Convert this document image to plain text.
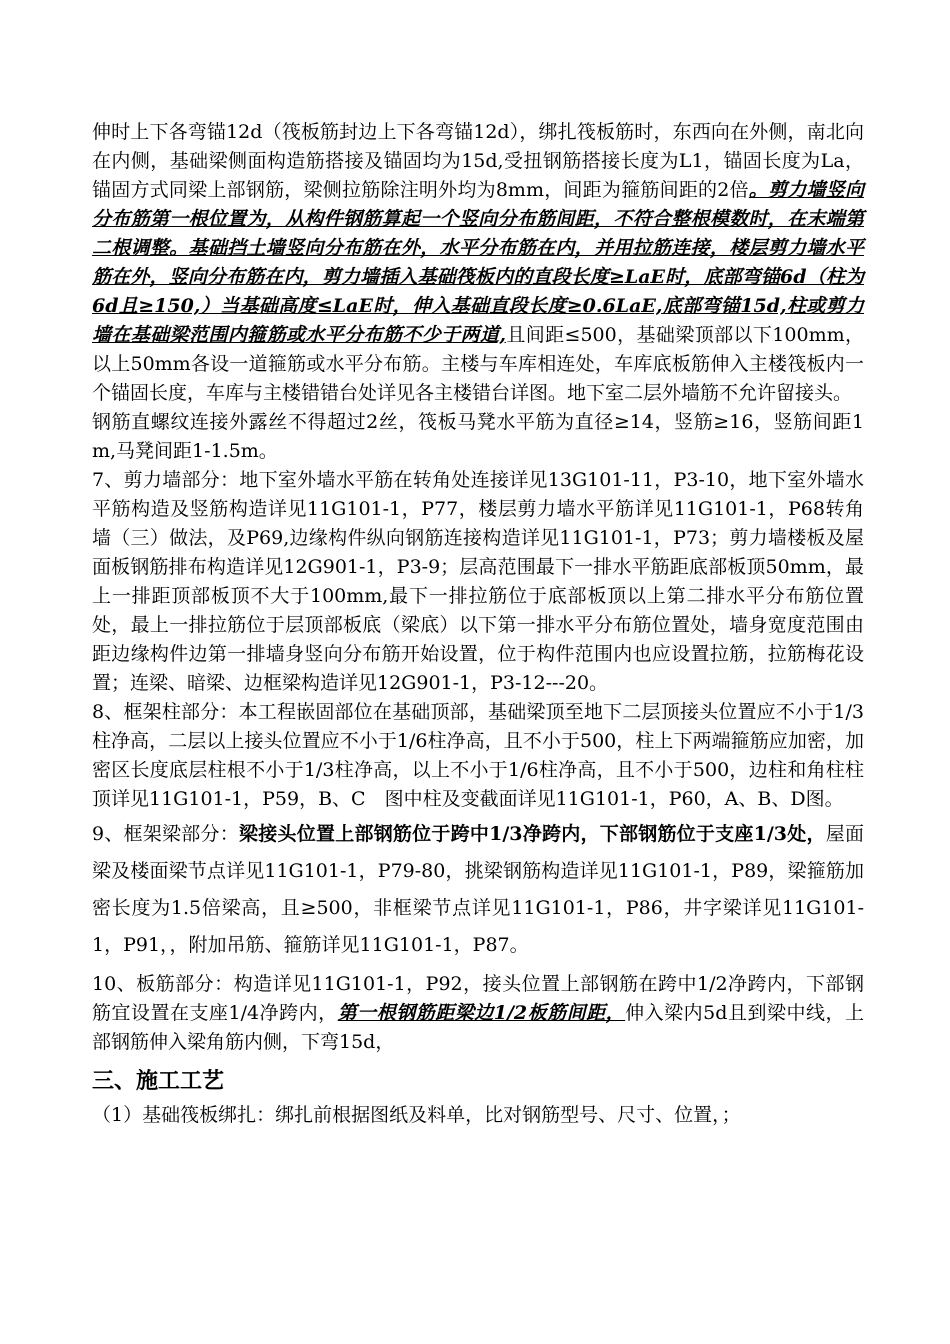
伸时上下各弯锚12d（筏板筋封边上下各弯锚12d），绑扎筏板筋时，东西向在外侧，南北向在内侧，基础梁侧面构造筋搭接及锚固均为15d,受扭钢筋搭接长度为L1，锚固长度为La，锚固方式同梁上部钢筋，梁侧拉筋除注明外均为8mm，间距为箍筋间距的2倍。剪力墙竖向分布筋第一根位置为，从构件钢筋算起一个竖向分布筋间距，不符合整根模数时，在末端第二根调整。基础挡土墙竖向分布筋在外，水平分布筋在内，并用拉筋连接，楼层剪力墙水平筋在外，竖向分布筋在内，剪力墙插入基础筏板内的直段长度≥LaE时，底部弯锚6d（柱为6d且≥150,）当基础高度≤LaE时，伸入基础直段长度≥0.6LaE,底部弯锚15d,柱或剪力墙在基础梁范围内箍筋或水平分布筋不少于两道,且间距≤500，基础梁顶部以下100mm，以上50mm各设一道箍筋或水平分布筋。主楼与车库相连处，车库底板筋伸入主楼筏板内一个锚固长度，车库与主楼错错台处详见各主楼错台详图。地下室二层外墙筋不允许留接头。

钢筋直螺纹连接外露丝不得超过2丝，筏板马凳水平筋为直径≥14，竖筋≥16，竖筋间距1m,马凳间距1-1.5m。

7、剪力墙部分：地下室外墙水平筋在转角处连接详见13G101-11，P3-10，地下室外墙水平筋构造及竖筋构造详见11G101-1，P77，楼层剪力墙水平筋详见11G101-1，P68转角墙（三）做法，及P69,边缘构件纵向钢筋连接构造详见11G101-1，P73；剪力墙楼板及屋面板钢筋排布构造详见12G901-1，P3-9；层高范围最下一排水平筋距底部板顶50mm，最上一排距顶部板顶不大于100mm,最下一排拉筋位于底部板顶以上第二排水平分布筋位置处，最上一排拉筋位于层顶部板底（梁底）以下第一排水平分布筋位置处，墙身宽度范围由距边缘构件边第一排墙身竖向分布筋开始设置，位于构件范围内也应设置拉筋，拉筋梅花设置；连梁、暗梁、边框梁构造详见12G901-1，P3-12---20。

8、框架柱部分：本工程嵌固部位在基础顶部，基础梁顶至地下二层顶接头位置应不小于1/3柱净高，二层以上接头位置应不小于1/6柱净高，且不小于500，柱上下两端箍筋应加密，加密区长度底层柱根不小于1/3柱净高，以上不小于1/6柱净高，且不小于500，边柱和角柱柱顶详见11G101-1，P59，B、C　图中柱及变截面详见11G101-1，P60，A、B、D图。

9、框架梁部分：梁接头位置上部钢筋位于跨中1/3净跨内，下部钢筋位于支座1/3处，屋面梁及楼面梁节点详见11G101-1，P79-80，挑梁钢筋构造详见11G101-1，P89，梁箍筋加密长度为1.5倍梁高，且≥500，非框梁节点详见11G101-1，P86，井字梁详见11G101-1，P91，，附加吊筋、箍筋详见11G101-1，P87。

10、板筋部分：构造详见11G101-1，P92，接头位置上部钢筋在跨中1/2净跨内，下部钢筋宜设置在支座1/4净跨内，第一根钢筋距梁边1/2板筋间距，伸入梁内5d且到梁中线，上部钢筋伸入梁角筋内侧，下弯15d，

三、施工工艺

（1）基础筏板绑扎：绑扎前根据图纸及料单，比对钢筋型号、尺寸、位置，；
